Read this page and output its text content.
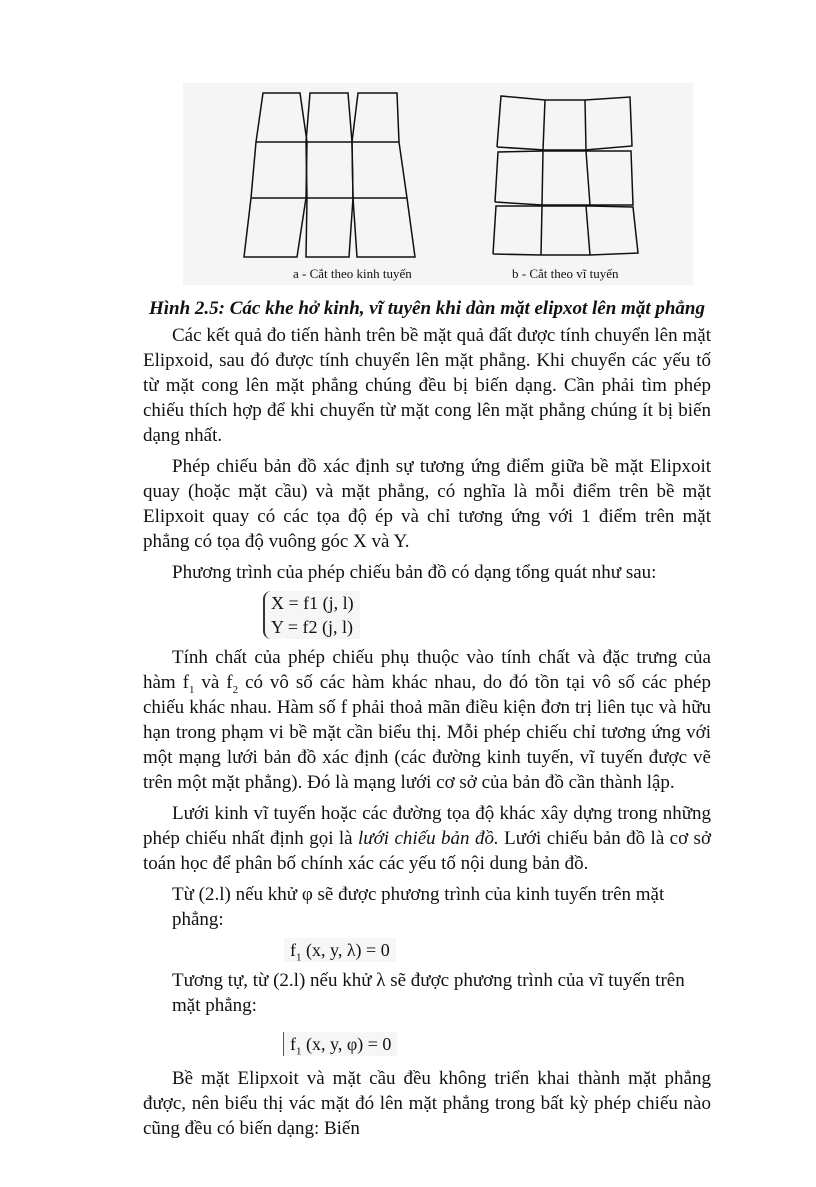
a - Cắt theo kinh tuyến	b - Cắt theo vĩ tuyến
Hình 2.5: Các khe hở kinh, vĩ tuyên khi dàn mặt elipxot lên mặt phẳng
Các kết quả đo tiến hành trên bề mặt quả đất được tính chuyển lên mặt Elipxoid, sau đó được tính chuyển lên mặt phẳng. Khi chuyển các yếu tố từ mặt cong lên mặt phẳng chúng đều bị biến dạng. Cần phải tìm phép chiếu thích hợp để khi chuyển từ mặt cong lên mặt phẳng chúng ít bị biến dạng nhất.
Phép chiếu bản đồ xác định sự tương ứng điểm giữa bề mặt Elipxoit quay (hoặc mặt cầu) và mặt phẳng, có nghĩa là mỗi điểm trên bề mặt Elipxoit quay có các tọa độ ép và chỉ tương ứng với 1 điểm trên mặt phẳng có tọa độ vuông góc X và Y.
Phương trình của phép chiếu bản đồ có dạng tổng quát như sau:
X = f1 (j, l)
Y = f2 (j, l)
Tính chất của phép chiếu phụ thuộc vào tính chất và đặc trưng của hàm $f_1$ và $f_2$ có vô số các hàm khác nhau, do đó tồn tại vô số các phép chiếu khác nhau. Hàm số f phải thoả mãn điều kiện đơn trị liên tục và hữu hạn trong phạm vi bề mặt cần biểu thị. Mỗi phép chiếu chỉ tương ứng với một mạng lưới bản đồ xác định (các đường kinh tuyến, vĩ tuyến được vẽ trên một mặt phẳng). Đó là mạng lưới cơ sở của bản đồ cần thành lập.
Lưới kinh vĩ tuyến hoặc các đường tọa độ khác xây dựng trong những phép chiếu nhất định gọi là lưới chiếu bản đồ. Lưới chiếu bản đồ là cơ sở toán học để phân bố chính xác các yếu tố nội dung bản đồ.
Từ (2.l) nếu khử φ sẽ được phương trình của kinh tuyến trên mặt phẳng:
$f_1$ (x, y, λ) = 0
Tương tự, từ (2.l) nếu khử λ sẽ được phương trình của vĩ tuyến trên mặt phẳng:
$f_1$ (x, y, φ) = 0
Bề mặt Elipxoit và mặt cầu đều không triển khai thành mặt phẳng được, nên biểu thị vác mặt đó lên mặt phẳng trong bất kỳ phép chiếu nào cũng đều có biến dạng: Biến
